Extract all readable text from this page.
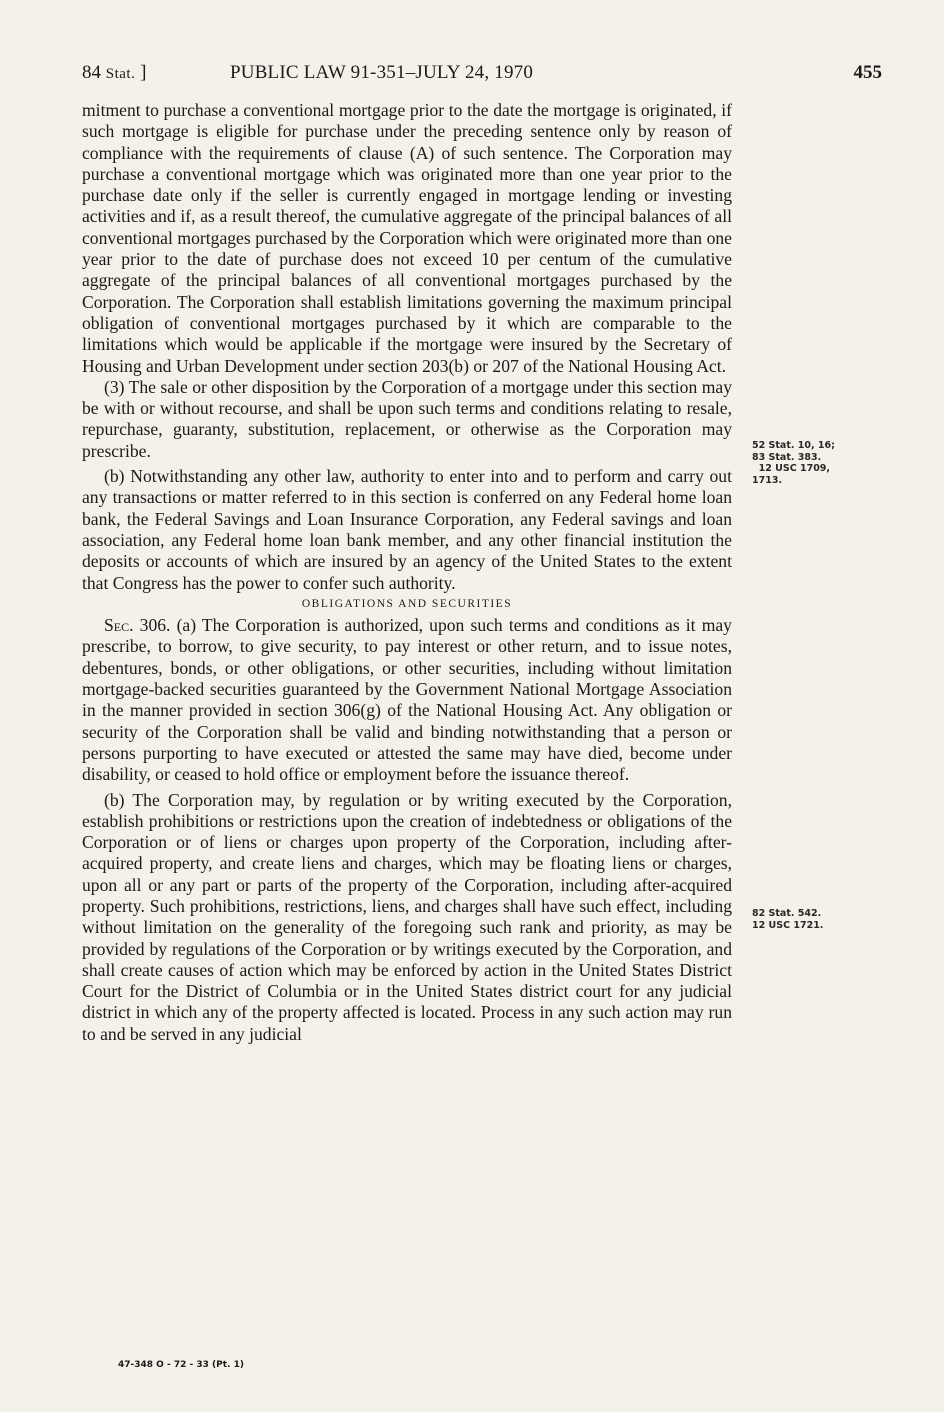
84 Stat. ]	PUBLIC LAW 91-351–JULY 24, 1970	455

mitment to purchase a conventional mortgage prior to the date the mortgage is originated, if such mortgage is eligible for purchase under the preceding sentence only by reason of compliance with the requirements of clause (A) of such sentence. The Corporation may purchase a conventional mortgage which was originated more than one year prior to the purchase date only if the seller is currently engaged in mortgage lending or investing activities and if, as a result thereof, the cumulative aggregate of the principal balances of all conventional mortgages purchased by the Corporation which were originated more than one year prior to the date of purchase does not exceed 10 per centum of the cumulative aggregate of the principal balances of all conventional mortgages purchased by the Corporation. The Corporation shall establish limitations governing the maximum principal obligation of conventional mortgages purchased by it which are comparable to the limitations which would be applicable if the mortgage were insured by the Secretary of Housing and Urban Development under section 203(b) or 207 of the National Housing Act.

(3) The sale or other disposition by the Corporation of a mortgage under this section may be with or without recourse, and shall be upon such terms and conditions relating to resale, repurchase, guaranty, substitution, replacement, or otherwise as the Corporation may prescribe.

(b) Notwithstanding any other law, authority to enter into and to perform and carry out any transactions or matter referred to in this section is conferred on any Federal home loan bank, the Federal Savings and Loan Insurance Corporation, any Federal savings and loan association, any Federal home loan bank member, and any other financial institution the deposits or accounts of which are insured by an agency of the United States to the extent that Congress has the power to confer such authority.

OBLIGATIONS AND SECURITIES

Sec. 306. (a) The Corporation is authorized, upon such terms and conditions as it may prescribe, to borrow, to give security, to pay interest or other return, and to issue notes, debentures, bonds, or other obligations, or other securities, including without limitation mortgage-backed securities guaranteed by the Government National Mortgage Association in the manner provided in section 306(g) of the National Housing Act. Any obligation or security of the Corporation shall be valid and binding notwithstanding that a person or persons purporting to have executed or attested the same may have died, become under disability, or ceased to hold office or employment before the issuance thereof.

(b) The Corporation may, by regulation or by writing executed by the Corporation, establish prohibitions or restrictions upon the creation of indebtedness or obligations of the Corporation or of liens or charges upon property of the Corporation, including after-acquired property, and create liens and charges, which may be floating liens or charges, upon all or any part or parts of the property of the Corporation, including after-acquired property. Such prohibitions, restrictions, liens, and charges shall have such effect, including without limitation on the generality of the foregoing such rank and priority, as may be provided by regulations of the Corporation or by writings executed by the Corporation, and shall create causes of action which may be enforced by action in the United States District Court for the District of Columbia or in the United States district court for any judicial district in which any of the property affected is located. Process in any such action may run to and be served in any judicial

52 Stat. 10, 16;
83 Stat. 383.
12 USC 1709,
1713.
82 Stat. 542.
12 USC 1721.
47-348 O - 72 - 33 (Pt. 1)
